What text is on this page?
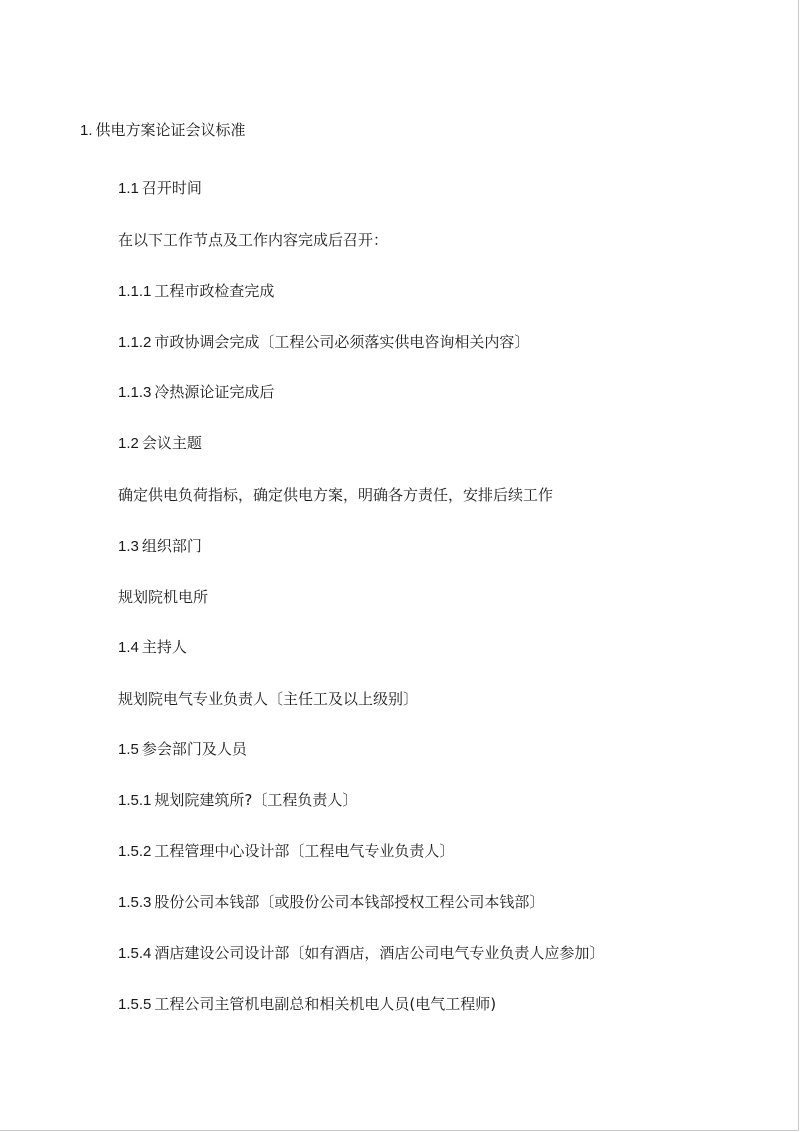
1. 供电方案论证会议标准
1.1 召开时间
在以下工作节点及工作内容完成后召开：
1.1.1 工程市政检查完成
1.1.2 市政协调会完成〔工程公司必须落实供电咨询相关内容〕
1.1.3 冷热源论证完成后
1.2 会议主题
确定供电负荷指标，确定供电方案，明确各方责任，安排后续工作
1.3 组织部门
规划院机电所
1.4 主持人
规划院电气专业负责人〔主任工及以上级别〕
1.5 参会部门及人员
1.5.1 规划院建筑所?〔工程负责人〕
1.5.2 工程管理中心设计部〔工程电气专业负责人〕
1.5.3 股份公司本钱部〔或股份公司本钱部授权工程公司本钱部〕
1.5.4 酒店建设公司设计部〔如有酒店，酒店公司电气专业负责人应参加〕
1.5.5 工程公司主管机电副总和相关机电人员(电气工程师)
